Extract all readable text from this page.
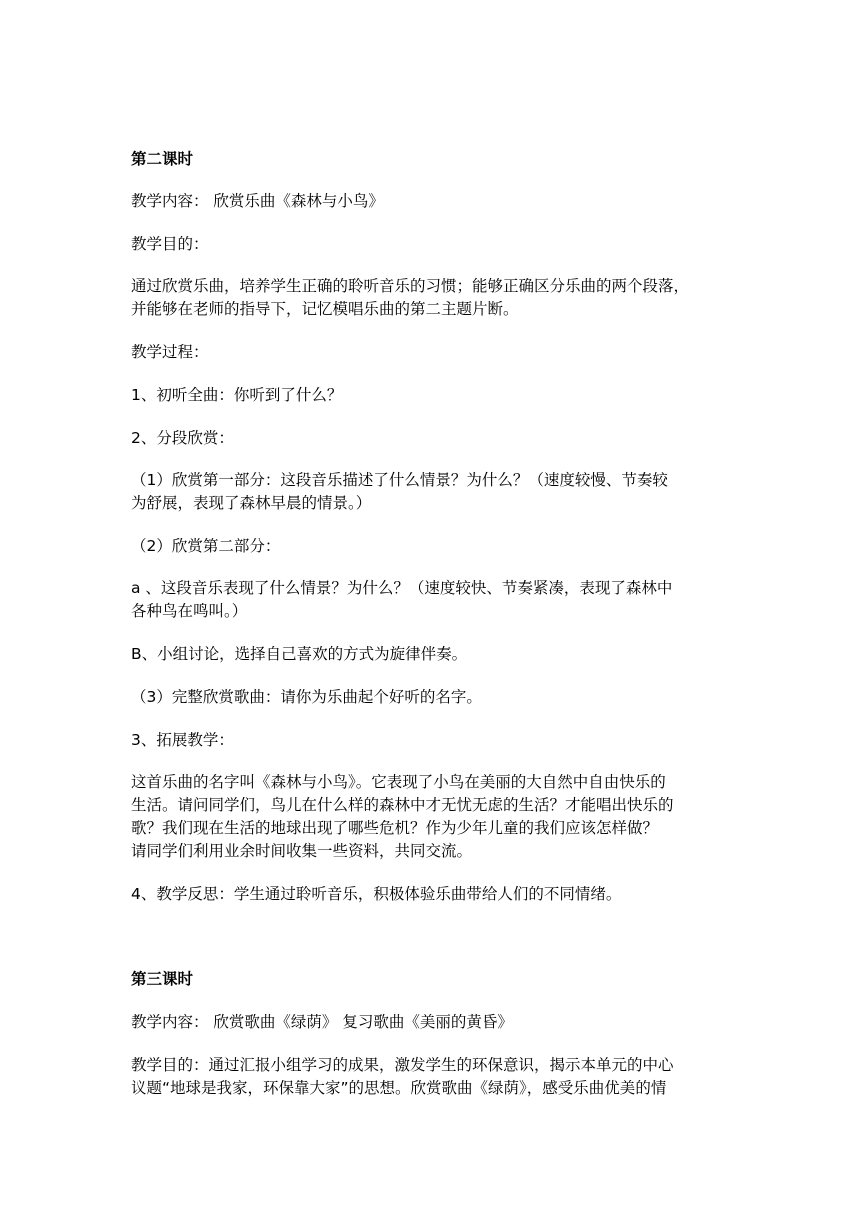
第二课时

教学内容： 欣赏乐曲《森林与小鸟》

教学目的：

通过欣赏乐曲，培养学生正确的聆听音乐的习惯；能够正确区分乐曲的两个段落，

并能够在老师的指导下，记忆模唱乐曲的第二主题片断。

教学过程：

1、初听全曲：你听到了什么？

2、分段欣赏：

（1）欣赏第一部分：这段音乐描述了什么情景？为什么？（速度较慢、节奏较

为舒展，表现了森林早晨的情景。）

（2）欣赏第二部分：

a 、这段音乐表现了什么情景？为什么？（速度较快、节奏紧凑，表现了森林中

各种鸟在鸣叫。）

B、小组讨论，选择自己喜欢的方式为旋律伴奏。

（3）完整欣赏歌曲：请你为乐曲起个好听的名字。

3、拓展教学：

这首乐曲的名字叫《森林与小鸟》。它表现了小鸟在美丽的大自然中自由快乐的

生活。请问同学们，鸟儿在什么样的森林中才无忧无虑的生活？才能唱出快乐的

歌？我们现在生活的地球出现了哪些危机？作为少年儿童的我们应该怎样做？

请同学们利用业余时间收集一些资料，共同交流。

4、教学反思：学生通过聆听音乐，积极体验乐曲带给人们的不同情绪。

第三课时

教学内容： 欣赏歌曲《绿荫》 复习歌曲《美丽的黄昏》

教学目的：通过汇报小组学习的成果，激发学生的环保意识，揭示本单元的中心

议题“地球是我家，环保靠大家”的思想。欣赏歌曲《绿荫》，感受乐曲优美的情
